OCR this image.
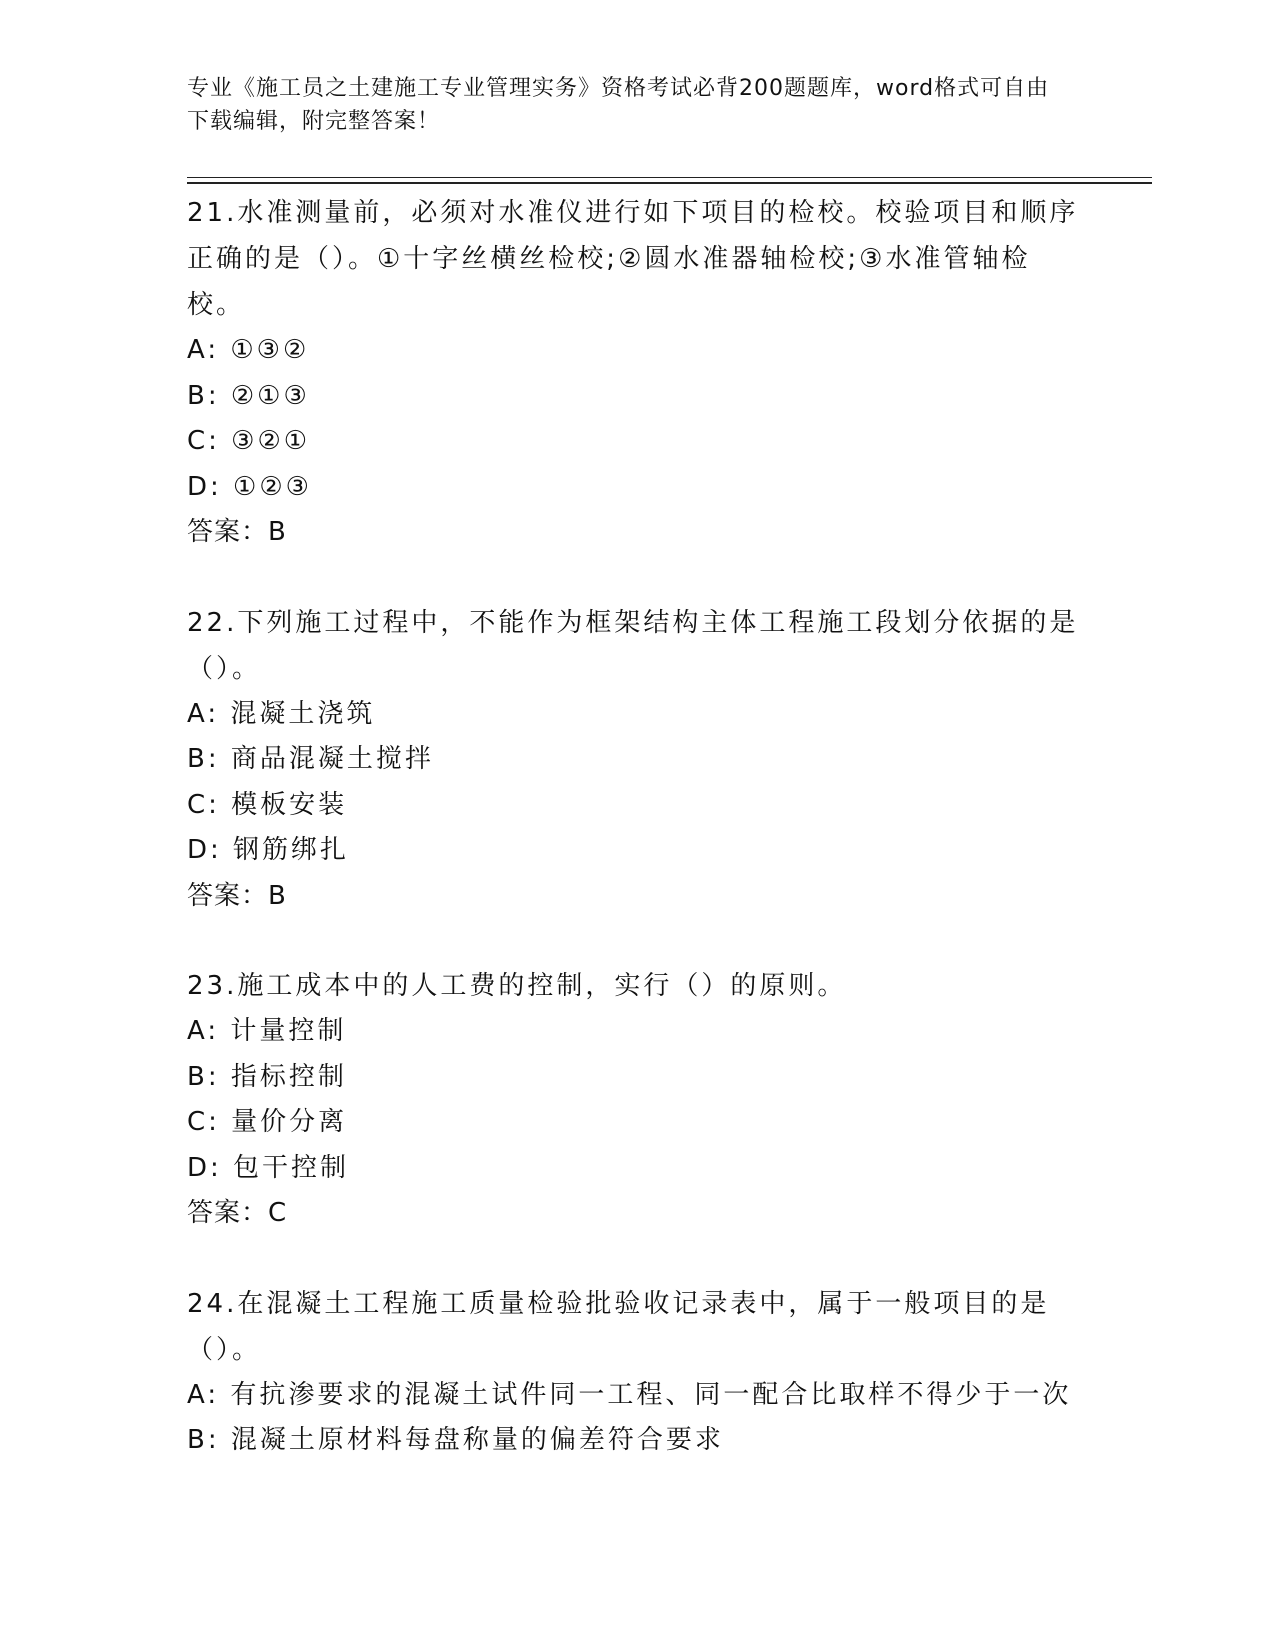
专业《施工员之土建施工专业管理实务》资格考试必背200题题库，word格式可自由下载编辑，附完整答案！
21.水准测量前，必须对水准仪进行如下项目的检校。校验项目和顺序正确的是（）。①十字丝横丝检校;②圆水准器轴检校;③水准管轴检校。
A: ①③②
B: ②①③
C: ③②①
D: ①②③
答案：B
22.下列施工过程中，不能作为框架结构主体工程施工段划分依据的是（）。
A: 混凝土浇筑
B: 商品混凝土搅拌
C: 模板安装
D: 钢筋绑扎
答案：B
23.施工成本中的人工费的控制，实行（）的原则。
A: 计量控制
B: 指标控制
C: 量价分离
D: 包干控制
答案：C
24.在混凝土工程施工质量检验批验收记录表中，属于一般项目的是（）。
A: 有抗渗要求的混凝土试件同一工程、同一配合比取样不得少于一次
B: 混凝土原材料每盘称量的偏差符合要求
